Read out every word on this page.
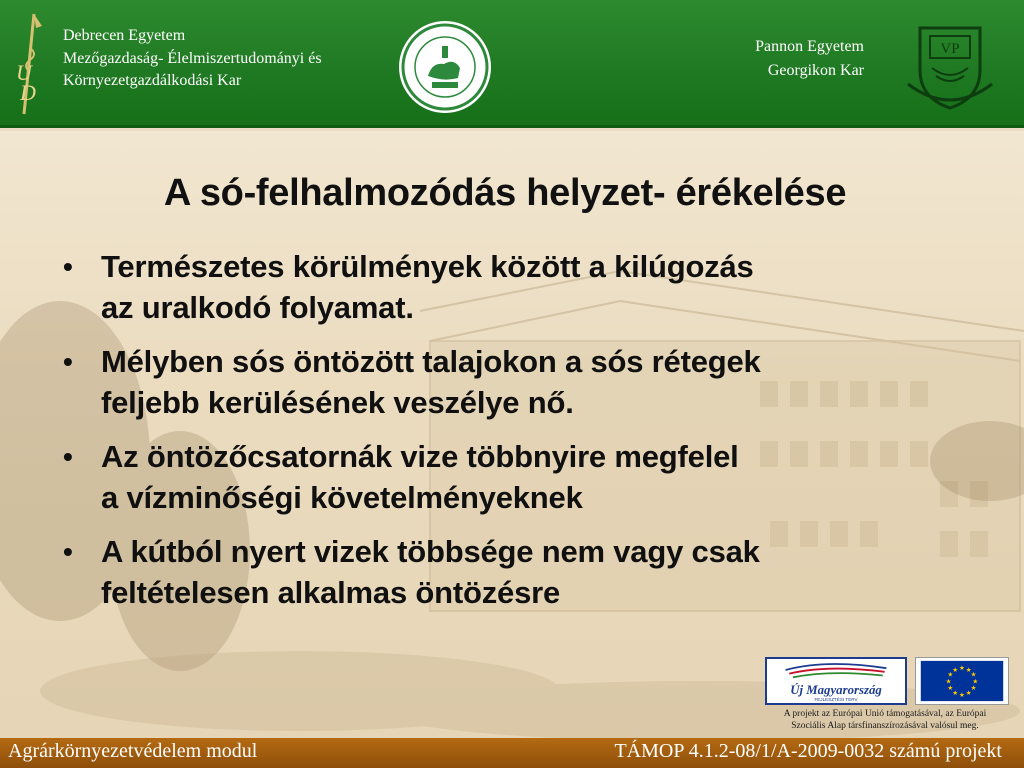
U
D
Debrecen Egyetem
Mezőgazdaság- Élelmiszertudományi és
Környezetgazdálkodási Kar
1868
Pannon Egyetem
Georgikon Kar
VP
A só-felhalmozódás helyzet- érékelése
• Természetes körülmények között a kilúgozás
az uralkodó folyamat.
• Mélyben sós öntözött talajokon a sós rétegek
feljebb kerülésének veszélye nő.
• Az öntözőcsatornák vize többnyire megfelel
a vízminőségi követelményeknek
• A kútból nyert vizek többsége nem vagy csak
feltételesen alkalmas öntözésre
Új Magyarország
FEJLESZTÉSI TERV
★
★
★
★
★
★
★
★
★ ★ ★
★
A projekt az Európai Unió támogatásával, az Európai
Szociális Alap társfinanszírozásával valósul meg.
Agrárkörnyezetvédelem modul	TÁMOP 4.1.2-08/1/A-2009-0032 számú projekt
